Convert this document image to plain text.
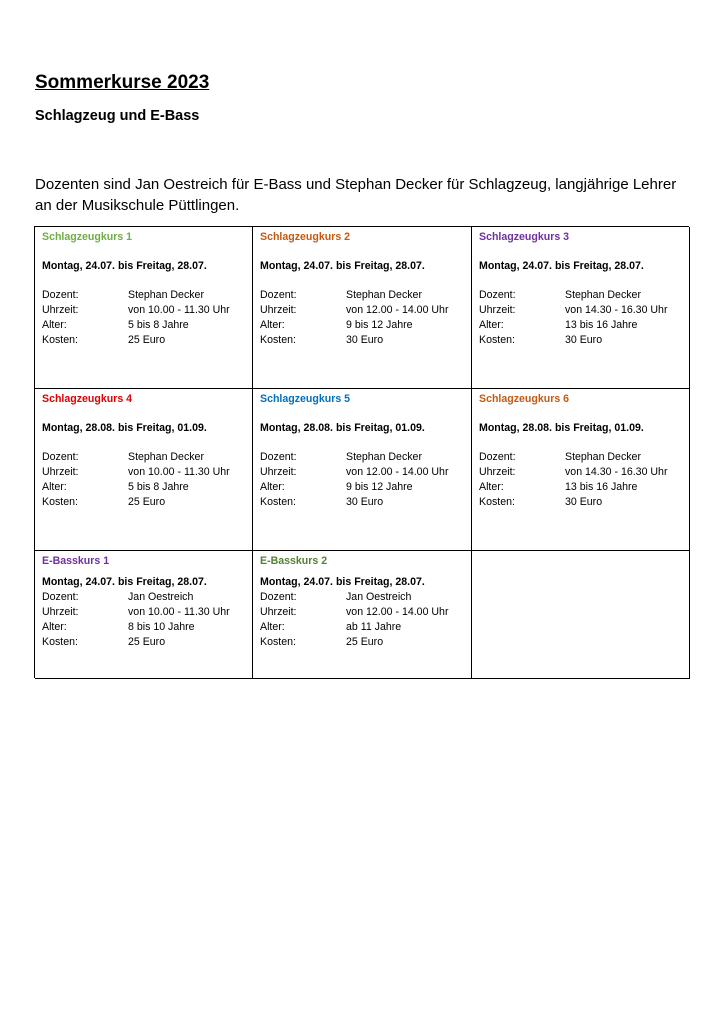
Sommerkurse 2023
Schlagzeug und E-Bass

Dozenten sind Jan Oestreich für E-Bass und Stephan Decker für Schlagzeug, langjährige Lehrer an der Musikschule Püttlingen.

Schlagzeugkurs 1
Montag, 24.07. bis Freitag, 28.07.
Dozent:	Stephan Decker
Uhrzeit:	von 10.00 - 11.30 Uhr
Alter:	5 bis 8 Jahre
Kosten:	25 Euro
Schlagzeugkurs 2
Montag, 24.07. bis Freitag, 28.07.
Dozent:	Stephan Decker
Uhrzeit:	von 12.00 - 14.00 Uhr
Alter:	9 bis 12 Jahre
Kosten:	30 Euro
Schlagzeugkurs 3
Montag, 24.07. bis Freitag, 28.07.
Dozent:	Stephan Decker
Uhrzeit:	von 14.30 - 16.30 Uhr
Alter:	13 bis 16 Jahre
Kosten:	30 Euro
Schlagzeugkurs 4
Montag, 28.08. bis Freitag, 01.09.
Dozent:	Stephan Decker
Uhrzeit:	von 10.00 - 11.30 Uhr
Alter:	5 bis 8 Jahre
Kosten:	25 Euro
Schlagzeugkurs 5
Montag, 28.08. bis Freitag, 01.09.
Dozent:	Stephan Decker
Uhrzeit:	von 12.00 - 14.00 Uhr
Alter:	9 bis 12 Jahre
Kosten:	30 Euro
Schlagzeugkurs 6
Montag, 28.08. bis Freitag, 01.09.
Dozent:	Stephan Decker
Uhrzeit:	von 14.30 - 16.30 Uhr
Alter:	13 bis 16 Jahre
Kosten:	30 Euro
E-Basskurs 1
Montag, 24.07. bis Freitag, 28.07.
Dozent:	Jan Oestreich
Uhrzeit:	von 10.00 - 11.30 Uhr
Alter:	8 bis 10 Jahre
Kosten:	25 Euro
E-Basskurs 2
Montag, 24.07. bis Freitag, 28.07.
Dozent:	Jan Oestreich
Uhrzeit:	von 12.00 - 14.00 Uhr
Alter:	ab 11 Jahre
Kosten:	25 Euro
